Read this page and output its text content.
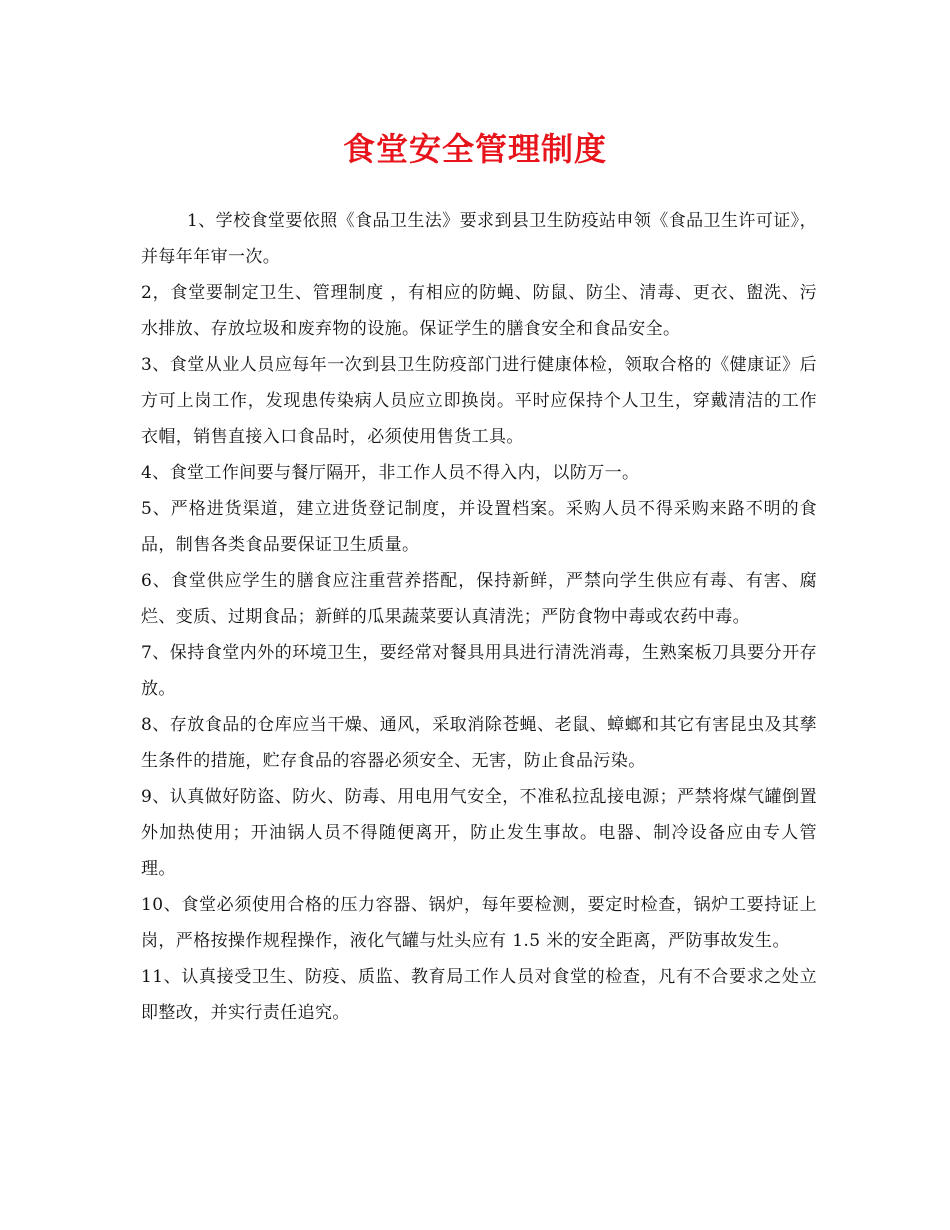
食堂安全管理制度

1、学校食堂要依照《食品卫生法》要求到县卫生防疫站申领《食品卫生许可证》，并每年年审一次。

2，食堂要制定卫生、管理制度 ，有相应的防蝇、防鼠、防尘、清毒、更衣、盥洗、污水排放、存放垃圾和废弃物的设施。保证学生的膳食安全和食品安全。

3、食堂从业人员应每年一次到县卫生防疫部门进行健康体检，领取合格的《健康证》后方可上岗工作，发现患传染病人员应立即换岗。平时应保持个人卫生，穿戴清洁的工作衣帽，销售直接入口食品时，必须使用售货工具。

4、食堂工作间要与餐厅隔开，非工作人员不得入内，以防万一。

5、严格进货渠道，建立进货登记制度，并设置档案。采购人员不得采购来路不明的食品，制售各类食品要保证卫生质量。

6、食堂供应学生的膳食应注重营养搭配，保持新鲜，严禁向学生供应有毒、有害、腐烂、变质、过期食品；新鲜的瓜果蔬菜要认真清洗；严防食物中毒或农药中毒。

7、保持食堂内外的环境卫生，要经常对餐具用具进行清洗消毒，生熟案板刀具要分开存放。

8、存放食品的仓库应当干燥、通风，采取消除苍蝇、老鼠、蟑螂和其它有害昆虫及其孳生条件的措施，贮存食品的容器必须安全、无害，防止食品污染。

9、认真做好防盗、防火、防毒、用电用气安全，不准私拉乱接电源；严禁将煤气罐倒置外加热使用；开油锅人员不得随便离开，防止发生事故。电器、制冷设备应由专人管理。

10、食堂必须使用合格的压力容器、锅炉，每年要检测，要定时检查，锅炉工要持证上岗，严格按操作规程操作，液化气罐与灶头应有 1.5 米的安全距离，严防事故发生。

11、认真接受卫生、防疫、质监、教育局工作人员对食堂的检查，凡有不合要求之处立即整改，并实行责任追究。
